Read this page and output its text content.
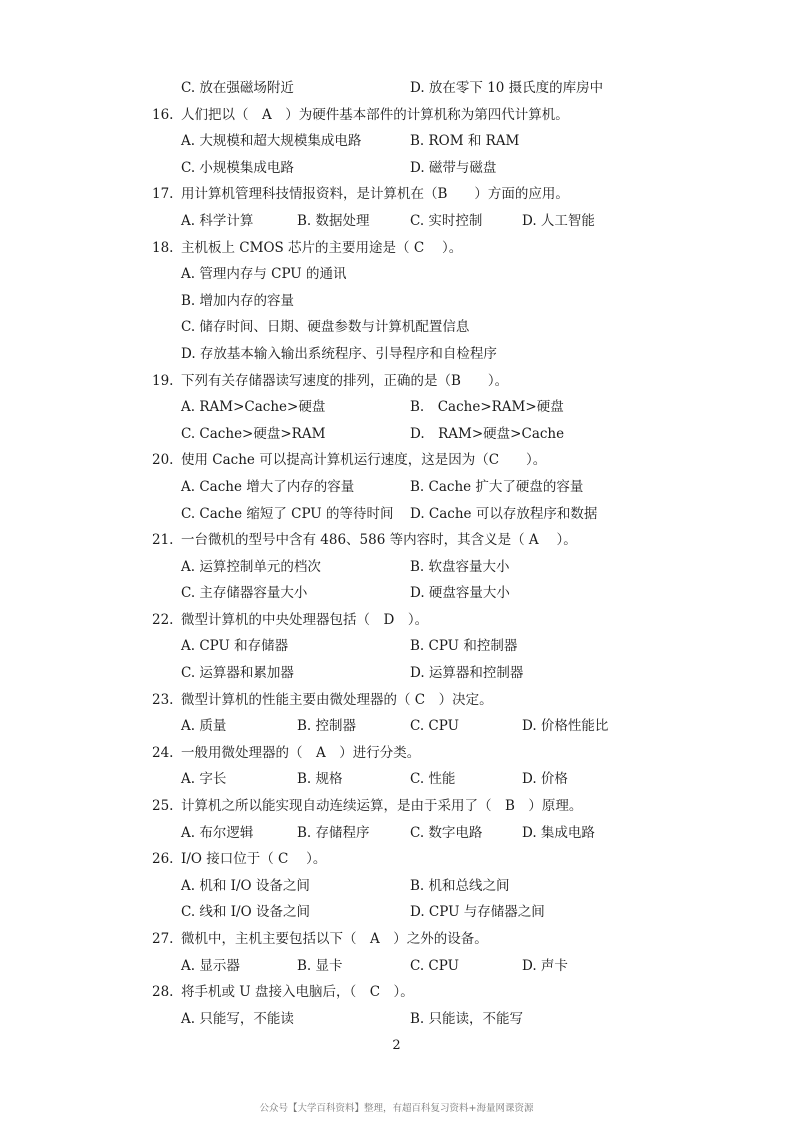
C. 放在强磁场附近	D. 放在零下 10 摄氏度的库房中
16. 人们把以（　A　）为硬件基本部件的计算机称为第四代计算机。
A. 大规模和超大规模集成电路	B. ROM 和 RAM
C. 小规模集成电路	D. 磁带与磁盘
17. 用计算机管理科技情报资料，是计算机在（B　　）方面的应用。
A. 科学计算	B. 数据处理	C. 实时控制	D. 人工智能
18. 主机板上 CMOS 芯片的主要用途是（ C　 ）。
A. 管理内存与 CPU 的通讯
B. 增加内存的容量
C. 储存时间、日期、硬盘参数与计算机配置信息
D. 存放基本输入输出系统程序、引导程序和自检程序
19. 下列有关存储器读写速度的排列，正确的是（B　　）。
A. RAM>Cache>硬盘	B.　Cache>RAM>硬盘
C. Cache>硬盘>RAM	D.　RAM>硬盘>Cache
20. 使用 Cache 可以提高计算机运行速度，这是因为（C　　）。
A. Cache 增大了内存的容量	B. Cache 扩大了硬盘的容量
C. Cache 缩短了 CPU 的等待时间 D. Cache 可以存放程序和数据
21. 一台微机的型号中含有 486、586 等内容时，其含义是（ A　 ）。
A. 运算控制单元的档次	B. 软盘容量大小
C. 主存储器容量大小	D. 硬盘容量大小
22. 微型计算机的中央处理器包括（　D　）。
A. CPU 和存储器	B. CPU 和控制器
C. 运算器和累加器	D. 运算器和控制器
23. 微型计算机的性能主要由微处理器的（ C　）决定。
A. 质量	B. 控制器	C. CPU	D. 价格性能比
24. 一般用微处理器的（　A　）进行分类。
A. 字长	B. 规格	C. 性能	D. 价格
25. 计算机之所以能实现自动连续运算，是由于采用了（　B　）原理。
A. 布尔逻辑	B. 存储程序	C. 数字电路	D. 集成电路
26. I/O 接口位于（ C　 ）。
A. 机和 I/O 设备之间	B. 机和总线之间
C. 线和 I/O 设备之间	D. CPU 与存储器之间
27. 微机中，主机主要包括以下（　A　）之外的设备。
A. 显示器	B. 显卡	C. CPU	D. 声卡
28. 将手机或 U 盘接入电脑后，（　C　）。
A. 只能写，不能读	B. 只能读，不能写
2
公众号【大学百科资料】整理，有超百科复习资料+海量网课资源
